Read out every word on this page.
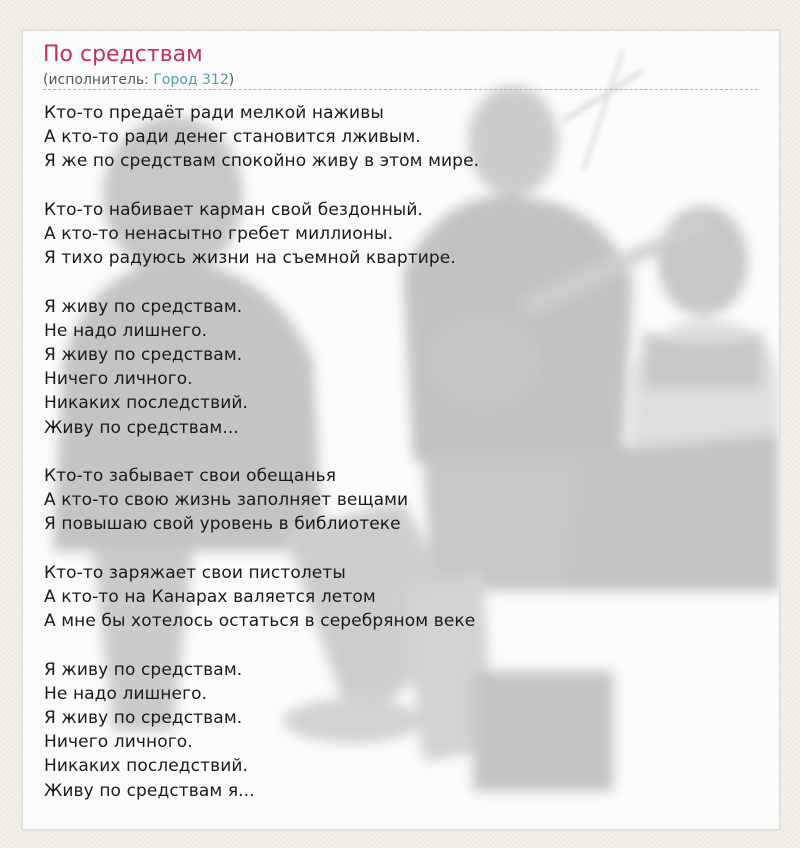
По средствам
(исполнитель: Город 312)
Кто-то предаёт ради мелкой наживы
А кто-то ради денег становится лживым.
Я же по средствам спокойно живу в этом мире.
Кто-то набивает карман свой бездонный.
А кто-то ненасытно гребет миллионы.
Я тихо радуюсь жизни на съемной квартире.
Я живу по средствам.
Не надо лишнего.
Я живу по средствам.
Ничего личного.
Никаких последствий.
Живу по средствам...
Кто-то забывает свои обещанья
А кто-то свою жизнь заполняет вещами
Я повышаю свой уровень в библиотеке
Кто-то заряжает свои пистолеты
А кто-то на Канарах валяется летом
А мне бы хотелось остаться в серебряном веке
Я живу по средствам.
Не надо лишнего.
Я живу по средствам.
Ничего личного.
Никаких последствий.
Живу по средствам я...
